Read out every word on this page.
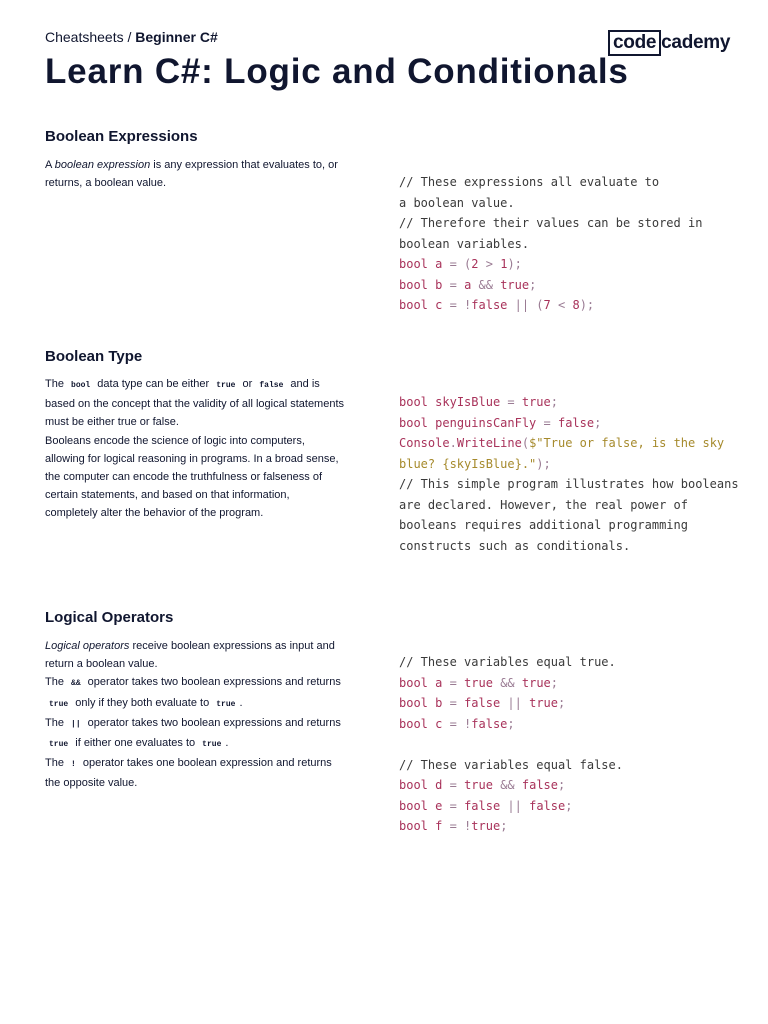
Cheatsheets / Beginner C#	code cademy
Learn C#: Logic and Conditionals
Boolean Expressions

A boolean expression is any expression that evaluates to, or returns, a boolean value.	// These expressions all evaluate to
a boolean value.
// Therefore their values can be stored in
boolean variables.
bool a = (2 > 1);
bool b = a && true;
bool c = !false || (7 < 8);
Boolean Type

The bool data type can be either true or false and is based on the concept that the validity of all logical statements must be either true or false.

Booleans encode the science of logic into computers, allowing for logical reasoning in programs. In a broad sense, the computer can encode the truthfulness or falseness of certain statements, and based on that information, completely alter the behavior of the program.

bool skyIsBlue = true;
bool penguinsCanFly = false;
Console.WriteLine($"True or false, is the sky blue? {skyIsBlue}.");
// This simple program illustrates how booleans are declared. However, the real power of booleans requires additional programming constructs such as conditionals.
Logical Operators

Logical operators receive boolean expressions as input and return a boolean value.

The && operator takes two boolean expressions and returns true only if they both evaluate to true .

The || operator takes two boolean expressions and returns true if either one evaluates to true .

The ! operator takes one boolean expression and returns the opposite value.

// These variables equal true.
bool a = true && true;
bool b = false || true;
bool c = !false;
// These variables equal false.
bool d = true && false;
bool e = false || false;
bool f = !true;
